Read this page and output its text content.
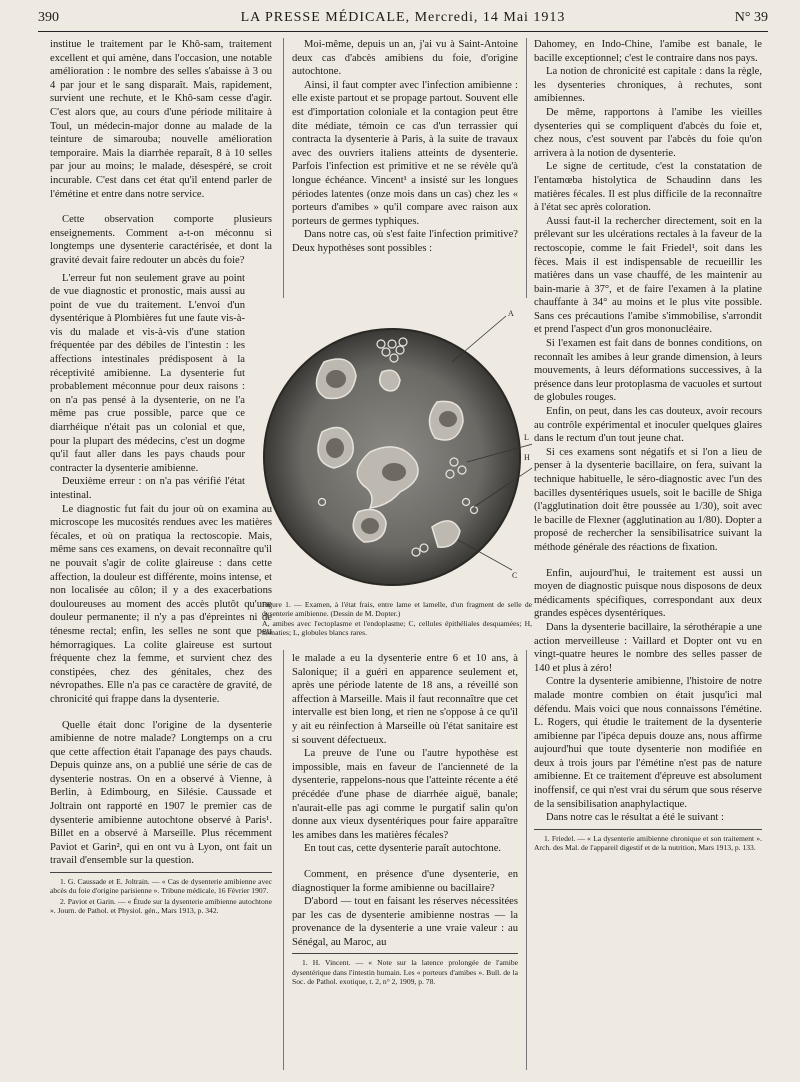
390	LA PRESSE MÉDICALE, Mercredi, 14 Mai 1913	N° 39

institue le traitement par le Khô-sam, traitement excellent et qui amène, dans l'occasion, une notable amélioration : le nombre des selles s'abaisse à 3 ou 4 par jour et le sang disparaît. Mais, rapidement, survient une rechute, et le Khô-sam cesse d'agir. C'est alors que, au cours d'une période militaire à Toul, un médecin-major donne au malade de la teinture de simarouba; nouvelle amélioration temporaire. Mais la diarrhée reparaît, 8 à 10 selles par jour au moins; le malade, désespéré, se croit incurable. C'est dans cet état qu'il entend parler de l'émétine et entre dans notre service.

Cette observation comporte plusieurs enseignements. Comment a-t-on méconnu si longtemps une dysenterie caractérisée, et dont la gravité devait faire redouter un abcès du foie?

L'erreur fut non seulement grave au point de vue diagnostic et pronostic, mais aussi au point de vue du traitement. L'envoi d'un dysentérique à Plombières fut une faute vis-à-vis du malade et vis-à-vis d'une station fréquentée par des débiles de l'intestin : les affections intestinales prédisposent à la réceptivité amibienne. La dysenterie fut probablement méconnue pour deux raisons : on n'a pas pensé à la dysenterie, on ne l'a même pas crue possible, parce que ce diarrhéique n'était pas un colonial et que, pour la plupart des médecins, c'est un dogme qu'il faut aller dans les pays chauds pour contracter la dysenterie amibienne.

Deuxième erreur : on n'a pas vérifié l'état intestinal.

Le diagnostic fut fait du jour où on examina au microscope les mucosités rendues avec les matières fécales, et où on pratiqua la rectoscopie. Mais, même sans ces examens, on devait reconnaître qu'il ne pouvait s'agir de colite glaireuse : dans cette affection, la douleur est différente, moins intense, et non localisée au côlon; il y a des exacerbations douloureuses au moment des accès plutôt qu'une douleur permanente; il n'y a pas d'épreintes ni de ténesme rectal; enfin, les selles ne sont que peu hémorragiques. La colite glaireuse est surtout fréquente chez la femme, et survient chez des constipées, chez des génitales, chez des névropathes. Elle n'a pas ce caractère de gravité, de chronicité qui frappe dans la dysenterie.

Quelle était donc l'origine de la dysenterie amibienne de notre malade? Longtemps on a cru que cette affection était l'apanage des pays chauds. Depuis quinze ans, on a publié une série de cas de dysenterie nostras. On en a observé à Vienne, à Berlin, à Edimbourg, en Silésie. Caussade et Joltrain ont rapporté en 1907 le premier cas de dysenterie amibienne autochtone observé à Paris¹. Billet en a observé à Marseille. Plus récemment Paviot et Garin², qui en ont vu à Lyon, ont fait un travail d'ensemble sur la question.

1. G. Caussade et E. Joltrain. — « Cas de dysenterie amibienne avec abcès du foie d'origine parisienne ». Tribune médicale, 16 Février 1907.
2. Paviot et Garin. — « Étude sur la dysenterie amibienne autochtone ». Journ. de Pathol. et Physiol. gén., Mars 1913, p. 342.

Moi-même, depuis un an, j'ai vu à Saint-Antoine deux cas d'abcès amibiens du foie, d'origine autochtone.

Ainsi, il faut compter avec l'infection amibienne : elle existe partout et se propage partout. Souvent elle est d'importation coloniale et la contagion peut être dite médiate, témoin ce cas d'un terrassier qui contracta la dysenterie à Paris, à la suite de travaux avec des ouvriers italiens atteints de dysenterie. Parfois l'infection est primitive et ne se révèle qu'à longue échéance. Vincent¹ a insisté sur les longues périodes latentes (onze mois dans un cas) chez les « porteurs d'amibes » qu'il compare avec raison aux porteurs de germes typhiques.

Dans notre cas, où s'est faite l'infection primitive? Deux hypothèses sont possibles :

A
L
H
C
Figure 1. — Examen, à l'état frais, entre lame et lamelle, d'un fragment de selle de dysenterie amibienne. (Dessin de M. Dopter.)
A, amibes avec l'ectoplasme et l'endoplasme; C, cellules épithéliales desquamées; H, hématies; L, globules blancs rares.

le malade a eu la dysenterie entre 6 et 10 ans, à Salonique; il a guéri en apparence seulement et, après une période latente de 18 ans, a réveillé son affection à Marseille. Mais il faut reconnaître que cet intervalle est bien long, et rien ne s'oppose à ce qu'il y ait eu réinfection à Marseille où l'état sanitaire est si souvent défectueux.

La preuve de l'une ou l'autre hypothèse est impossible, mais en faveur de l'ancienneté de la dysenterie, rappelons-nous que l'atteinte récente a été précédée d'une phase de diarrhée aiguë, banale; n'aurait-elle pas agi comme le purgatif salin qu'on donne aux vieux dysentériques pour faire apparaître les amibes dans les matières fécales?

En tout cas, cette dysenterie paraît autochtone.

Comment, en présence d'une dysenterie, en diagnostiquer la forme amibienne ou bacillaire?

D'abord — tout en faisant les réserves nécessitées par les cas de dysenterie amibienne nostras — la provenance de la dysenterie a une vraie valeur : au Sénégal, au Maroc, au

1. H. Vincent. — « Note sur la latence prolongée de l'amibe dysentérique dans l'intestin humain. Les « porteurs d'amibes ». Bull. de la Soc. de Pathol. exotique, t. 2, n° 2, 1909, p. 78.

Dahomey, en Indo-Chine, l'amibe est banale, le bacille exceptionnel; c'est le contraire dans nos pays.

La notion de chronicité est capitale : dans la règle, les dysenteries chroniques, à rechutes, sont amibiennes.

De même, rapportons à l'amibe les vieilles dysenteries qui se compliquent d'abcès du foie et, chez nous, c'est souvent par l'abcès du foie qu'on arrivera à la notion de dysenterie.

Le signe de certitude, c'est la constatation de l'entamœba histolytica de Schaudinn dans les matières fécales. Il est plus difficile de la reconnaître à l'état sec après coloration.

Aussi faut-il la rechercher directement, soit en la prélevant sur les ulcérations rectales à la faveur de la rectoscopie, comme le fait Friedel¹, soit dans les fèces. Mais il est indispensable de recueillir les matières dans un vase chauffé, de les maintenir au bain-marie à 37°, et de faire l'examen à la platine chauffante à 34° au moins et le plus vite possible. Sans ces précautions l'amibe s'immobilise, s'arrondit et prend l'aspect d'un gros mononucléaire.

Si l'examen est fait dans de bonnes conditions, on reconnaît les amibes à leur grande dimension, à leurs mouvements, à leurs déformations successives, à la présence dans leur protoplasma de vacuoles et surtout de globules rouges.

Enfin, on peut, dans les cas douteux, avoir recours au contrôle expérimental et inoculer quelques glaires dans le rectum d'un tout jeune chat.

Si ces examens sont négatifs et si l'on a lieu de penser à la dysenterie bacillaire, on fera, suivant la technique habituelle, le séro-diagnostic avec l'un des bacilles dysentériques usuels, soit le bacille de Shiga (l'agglutination doit être poussée au 1/30), soit avec le bacille de Flexner (agglutination au 1/80). Dopter a proposé de rechercher la sensibilisatrice suivant la méthode générale des réactions de fixation.

Enfin, aujourd'hui, le traitement est aussi un moyen de diagnostic puisque nous disposons de deux médicaments spécifiques, correspondant aux deux grandes espèces dysentériques.

Dans la dysenterie bacillaire, la sérothérapie a une action merveilleuse : Vaillard et Dopter ont vu en vingt-quatre heures le nombre des selles passer de 140 et plus à zéro!

Contre la dysenterie amibienne, l'histoire de notre malade montre combien on était jusqu'ici mal défendu. Mais voici que nous connaissons l'émétine. L. Rogers, qui étudie le traitement de la dysenterie amibienne par l'ipéca depuis douze ans, nous affirme aujourd'hui que toute dysenterie non modifiée en deux à trois jours par l'émétine n'est pas de nature amibienne. Et ce traitement d'épreuve est absolument inoffensif, ce qui n'est vrai du sérum que sous réserve de la sensibilisation anaphylactique.

Dans notre cas le résultat a été le suivant :

1. Friedel. — « La dysenterie amibienne chronique et son traitement ». Arch. des Mal. de l'appareil digestif et de la nutrition, Mars 1913, p. 133.
